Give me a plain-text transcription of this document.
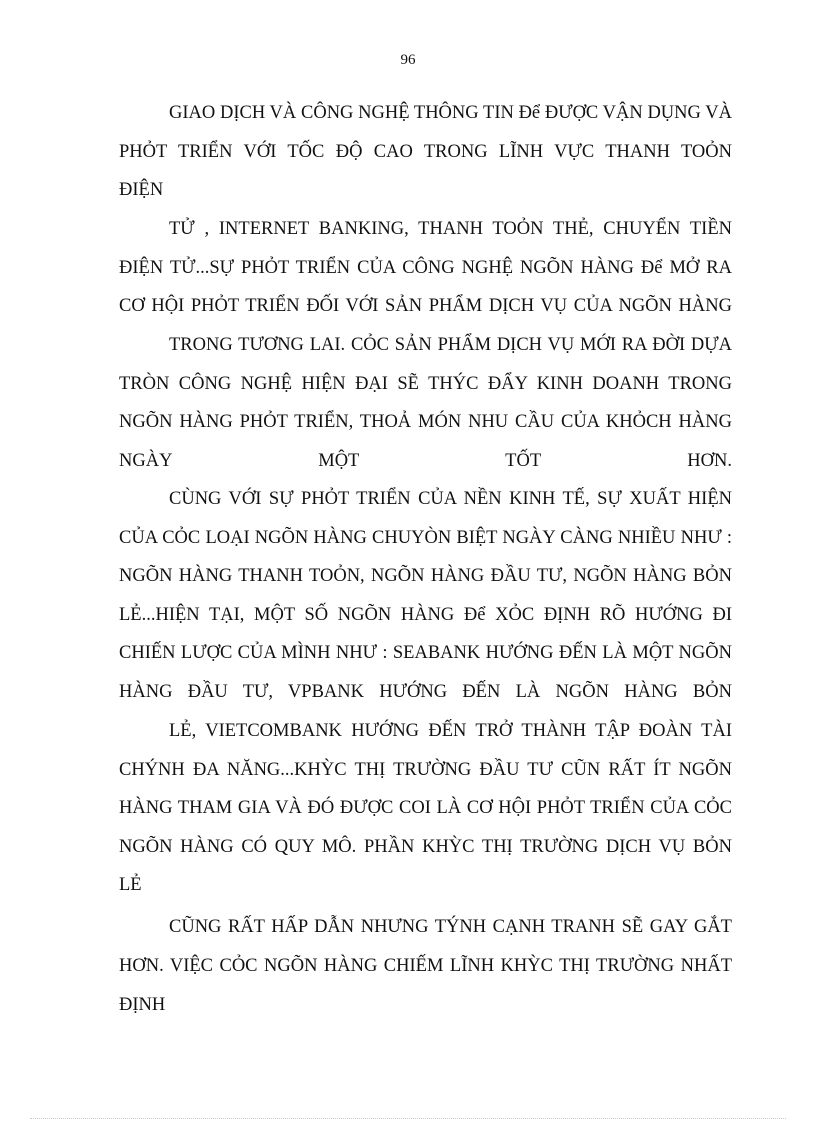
96
GIAO DỊCH VÀ CÔNG NGHỆ THÔNG TIN Để ĐƯỢC VẬN DỤNG VÀ PHỎT TRIỂN VỚI TỐC ĐỘ CAO TRONG LĨNH VỰC THANH TOỎN
ĐIỆN
TỬ , INTERNET BANKING, THANH TOỎN THẺ, CHUYỂN TIỀN ĐIỆN TỬ...SỰ PHỎT TRIỂN CỦA CÔNG NGHỆ NGÕN HÀNG Để MỞ RA CƠ HỘI PHỎT TRIỂN ĐỐI VỚI SẢN PHẨM DỊCH VỤ CỦA NGÕN HÀNG
TRONG TƯƠNG LAI. CỎC SẢN PHẨM DỊCH VỤ MỚI RA ĐỜI DỰA TRÒN CÔNG NGHỆ HIỆN ĐẠI SẼ THÝC ĐẨY KINH DOANH TRONG NGÕN HÀNG PHỎT TRIỂN, THOẢ MÓN NHU CẦU CỦA KHỎCH HÀNG NGÀY MỘT TỐT HƠN.
CÙNG VỚI SỰ PHỎT TRIỂN CỦA NỀN KINH TẾ, SỰ XUẤT HIỆN CỦA CỎC LOẠI NGÕN HÀNG CHUYÒN BIỆT NGÀY CÀNG NHIỀU NHƯ : NGÕN HÀNG THANH TOỎN, NGÕN HÀNG ĐẦU TƯ, NGÕN HÀNG BỎN LẺ...HIỆN TẠI, MỘT SỐ NGÕN HÀNG Để XỎC ĐỊNH RÕ HƯỚNG ĐI CHIẾN LƯỢC CỦA MÌNH NHƯ : SEABANK HƯỚNG ĐẾN LÀ MỘT NGÕN HÀNG ĐẦU TƯ, VPBANK HƯỚNG ĐẾN LÀ NGÕN HÀNG BỎN
LẺ, VIETCOMBANK HƯỚNG ĐẾN TRỞ THÀNH TẬP ĐOÀN TÀI CHÝNH ĐA NĂNG...KHỲC THỊ TRƯỜNG ĐẦU TƯ CŨN RẤT ÍT NGÕN HÀNG THAM GIA VÀ ĐÓ ĐƯỢC COI LÀ CƠ HỘI PHỎT TRIỂN CỦA CỎC NGÕN HÀNG CÓ QUY MÔ. PHẦN KHỲC THỊ TRƯỜNG DỊCH VỤ BỎN
LẺ
CŨNG RẤT HẤP DẪN NHƯNG TÝNH CẠNH TRANH SẼ GAY GẮT HƠN. VIỆC CỎC NGÕN HÀNG CHIẾM LĨNH KHỲC THỊ TRƯỜNG NHẤT
ĐỊNH
